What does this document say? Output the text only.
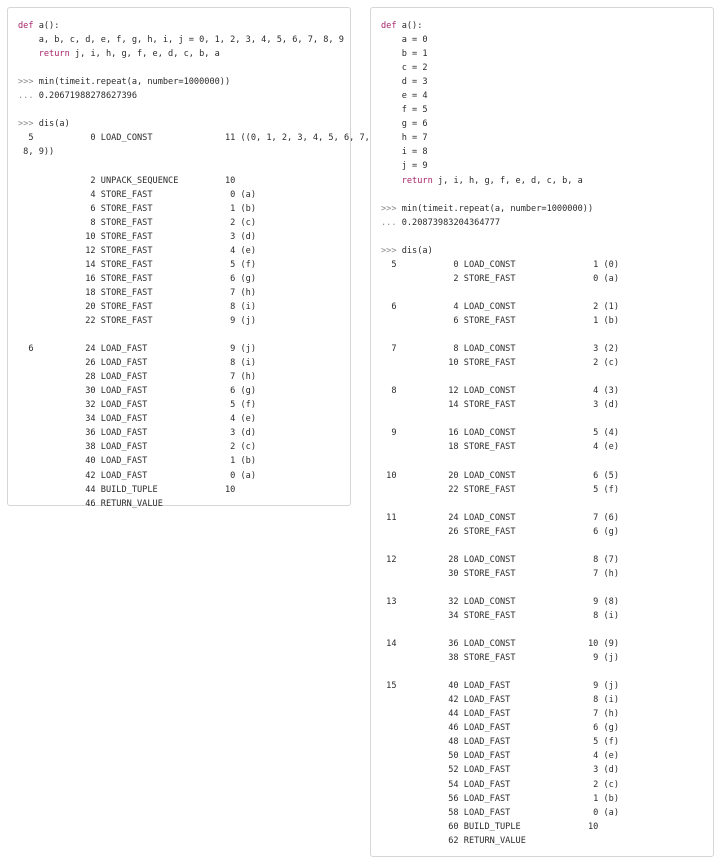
def a():
a, b, c, d, e, f, g, h, i, j = 0, 1, 2, 3, 4, 5, 6, 7, 8, 9
return j, i, h, g, f, e, d, c, b, a
>>> min(timeit.repeat(a, number=1000000))
... 0.20671988278627396
>>> dis(a)
5           0 LOAD_CONST              11 ((0, 1, 2, 3, 4, 5, 6, 7,
8, 9))
2 UNPACK_SEQUENCE         10
4 STORE_FAST               0 (a)
6 STORE_FAST               1 (b)
8 STORE_FAST               2 (c)
10 STORE_FAST               3 (d)
12 STORE_FAST               4 (e)
14 STORE_FAST               5 (f)
16 STORE_FAST               6 (g)
18 STORE_FAST               7 (h)
20 STORE_FAST               8 (i)
22 STORE_FAST               9 (j)
6          24 LOAD_FAST                9 (j)
26 LOAD_FAST                8 (i)
28 LOAD_FAST                7 (h)
30 LOAD_FAST                6 (g)
32 LOAD_FAST                5 (f)
34 LOAD_FAST                4 (e)
36 LOAD_FAST                3 (d)
38 LOAD_FAST                2 (c)
40 LOAD_FAST                1 (b)
42 LOAD_FAST                0 (a)
44 BUILD_TUPLE             10
46 RETURN_VALUE
def a():
a = 0
b = 1
c = 2
d = 3
e = 4
f = 5
g = 6
h = 7
i = 8
j = 9
return j, i, h, g, f, e, d, c, b, a
>>> min(timeit.repeat(a, number=1000000))
... 0.20873983204364777
>>> dis(a)
5           0 LOAD_CONST               1 (0)
2 STORE_FAST               0 (a)
6           4 LOAD_CONST               2 (1)
6 STORE_FAST               1 (b)
7           8 LOAD_CONST               3 (2)
10 STORE_FAST               2 (c)
8          12 LOAD_CONST               4 (3)
14 STORE_FAST               3 (d)
9          16 LOAD_CONST               5 (4)
18 STORE_FAST               4 (e)
10          20 LOAD_CONST               6 (5)
22 STORE_FAST               5 (f)
11          24 LOAD_CONST               7 (6)
26 STORE_FAST               6 (g)
12          28 LOAD_CONST               8 (7)
30 STORE_FAST               7 (h)
13          32 LOAD_CONST               9 (8)
34 STORE_FAST               8 (i)
14          36 LOAD_CONST              10 (9)
38 STORE_FAST               9 (j)
15          40 LOAD_FAST                9 (j)
42 LOAD_FAST                8 (i)
44 LOAD_FAST                7 (h)
46 LOAD_FAST                6 (g)
48 LOAD_FAST                5 (f)
50 LOAD_FAST                4 (e)
52 LOAD_FAST                3 (d)
54 LOAD_FAST                2 (c)
56 LOAD_FAST                1 (b)
58 LOAD_FAST                0 (a)
60 BUILD_TUPLE             10
62 RETURN_VALUE
